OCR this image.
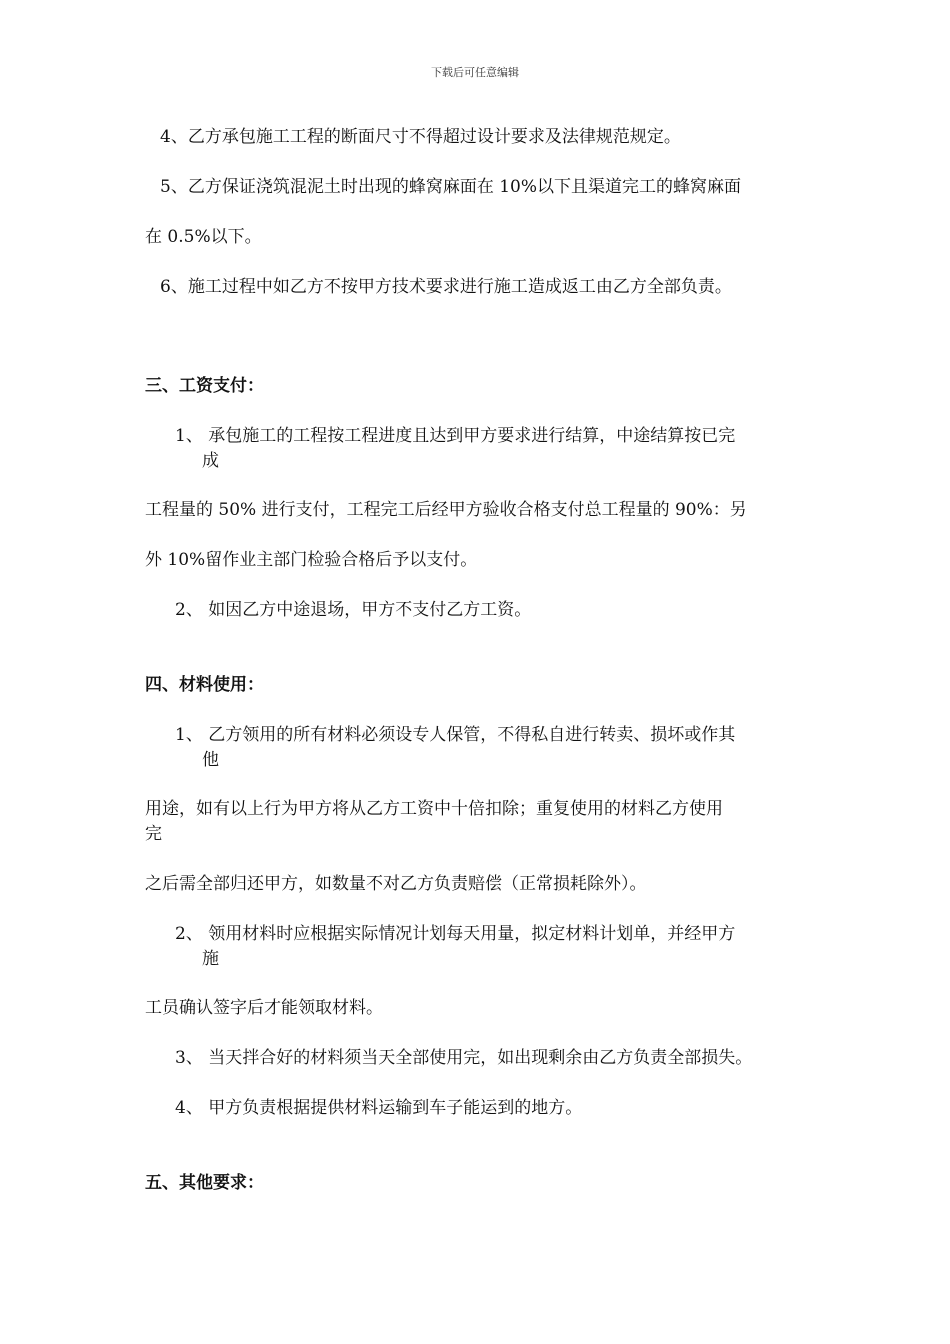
下载后可任意编辑
4、乙方承包施工工程的断面尺寸不得超过设计要求及法律规范规定。
5、乙方保证浇筑混泥土时出现的蜂窝麻面在 10%以下且渠道完工的蜂窝麻面
在 0.5%以下。
6、施工过程中如乙方不按甲方技术要求进行施工造成返工由乙方全部负责。
三、工资支付：
1、 承包施工的工程按工程进度且达到甲方要求进行结算，中途结算按已完
成
工程量的 50% 进行支付，工程完工后经甲方验收合格支付总工程量的 90%：另
外 10%留作业主部门检验合格后予以支付。
2、 如因乙方中途退场，甲方不支付乙方工资。
四、材料使用：
1、 乙方领用的所有材料必须设专人保管，不得私自进行转卖、损坏或作其
他
用途，如有以上行为甲方将从乙方工资中十倍扣除；重复使用的材料乙方使用
完
之后需全部归还甲方，如数量不对乙方负责赔偿（正常损耗除外）。
2、 领用材料时应根据实际情况计划每天用量，拟定材料计划单，并经甲方
施
工员确认签字后才能领取材料。
3、 当天拌合好的材料须当天全部使用完，如出现剩余由乙方负责全部损失。
4、 甲方负责根据提供材料运输到车子能运到的地方。
五、其他要求：
